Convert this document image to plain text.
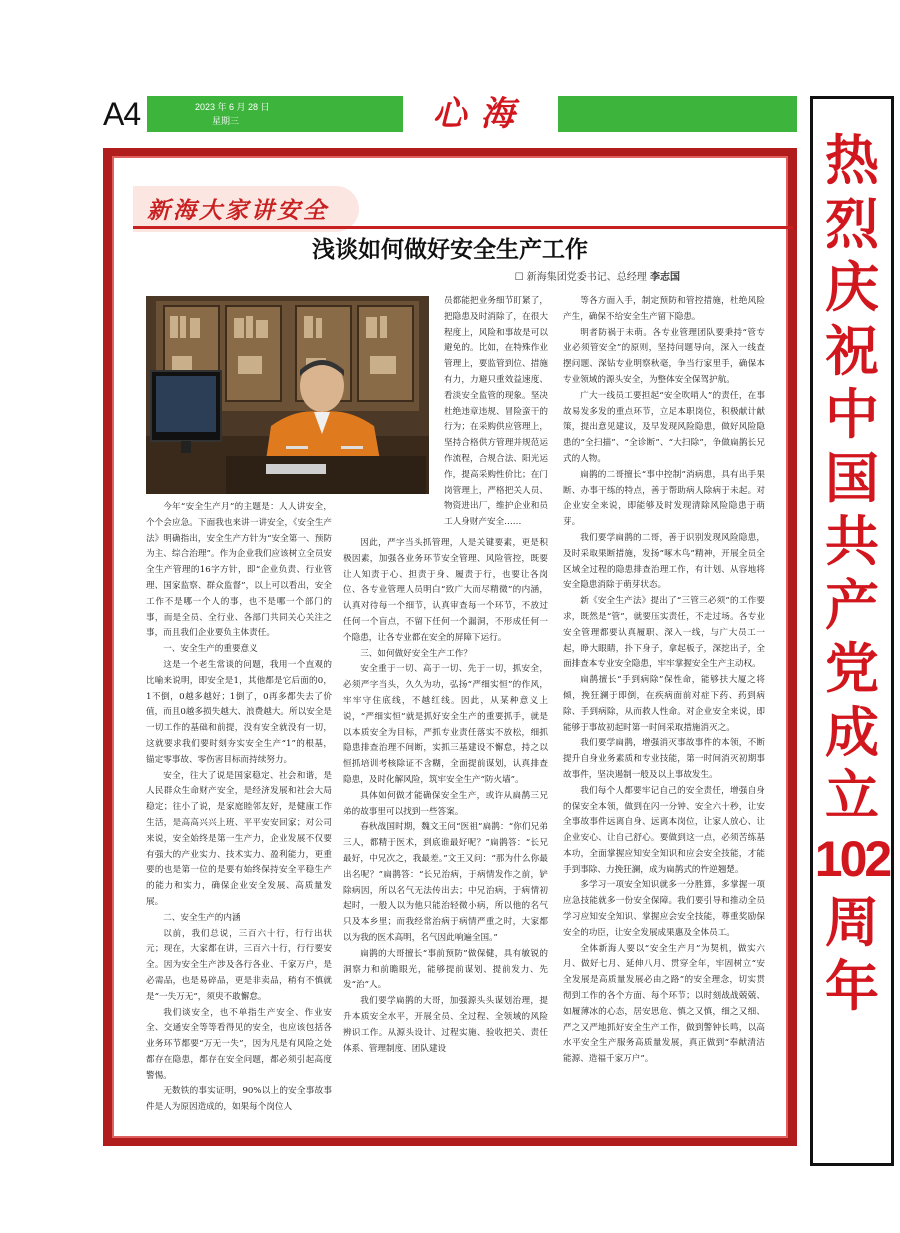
A4	2023 年 6 月 28 日
星期三	心海
热
烈
庆
祝
中
国
共
产
党
成
立
102
周
年
新海大家讲安全
浅谈如何做好安全生产工作
☐ 新海集团党委书记、总经理 李志国

员都能把业务细节盯紧了，把隐患及时消除了，在很大程度上，风险和事故是可以避免的。比如，在特殊作业管理上，要监管到位、措施有力，力避只重效益速度、看淡安全监管的现象。坚决杜绝违章违规、冒险蛮干的行为；在采购供应管理上，坚持合格供方管理并规范运作流程，合规合法、阳光运作，提高采购性价比；在门岗管理上，严格把关人员、物资进出厂，维护企业和员工人身财产安全……

今年“安全生产月”的主题是：人人讲安全，个个会应急。下面我也来讲一讲安全，《安全生产法》明确指出，安全生产方针为“安全第一、预防为主、综合治理”。作为企业我们应该树立全员安全生产管理的16字方针，即“企业负责、行业管理、国家监察、群众监督”，以上可以看出，安全工作不是哪一个人的事，也不是哪一个部门的事，而是全员、全行业、各部门共同关心关注之事，而且我们企业要负主体责任。

一、安全生产的重要意义

这是一个老生常谈的问题，我用一个直观的比喻来说明，即安全是1，其他都是它后面的0，1不倒，0越多越好；1倒了，0再多都失去了价值，而且0越多损失越大、浪费越大。所以安全是一切工作的基础和前提，没有安全就没有一切，这就要求我们要时刻夯实安全生产“1”的根基，锚定零事故、零伤害目标而持续努力。

安全，往大了说是国家稳定、社会和谐，是人民群众生命财产安全，是经济发展和社会大局稳定；往小了说，是家庭睦邻友好，是健康工作生活，是高高兴兴上班、平平安安回家；对公司来说，安全始终是第一生产力，企业发展不仅要有强大的产业实力、技术实力、盈利能力，更重要的也是第一位的是要有始终保持安全平稳生产的能力和实力，确保企业安全发展、高质量发展。

二、安全生产的内涵

以前，我们总说，三百六十行，行行出状元；现在，大家都在讲，三百六十行，行行要安全。因为安全生产涉及各行各业、千家万户，是必需品，也是易碎品，更是非卖品，稍有不慎就是“一失万无”，须臾不敢懈怠。

我们谈安全，也不单指生产安全、作业安全、交通安全等等看得见的安全，也应该包括各业务环节都要“万无一失”，因为凡是有风险之处都存在隐患，都存在安全问题，都必须引起高度警惕。

无数铁的事实证明，90%以上的安全事故事件是人为原因造成的，如果每个岗位人

因此，严字当头抓管理，人是关键要素，更是积极因素，加强各业务环节安全管理、风险管控，既要让人知责于心、担责于身、履责于行，也要让各岗位、各专业管理人员明白“致广大而尽精微”的内涵，认真对待每一个细节，认真审查每一个环节，不放过任何一个盲点，不留下任何一个漏洞，不形成任何一个隐患，让各专业都在安全的屏障下运行。

三、如何做好安全生产工作？

安全重于一切、高于一切、先于一切，抓安全，必须严字当头，久久为功，弘扬“严细实恒”的作风，牢牢守住底线，不越红线。因此，从某种意义上说，“严细实恒”就是抓好安全生产的重要抓手，就是以本质安全为目标，严抓专业责任落实不放松，细抓隐患排查治理不间断，实抓三基建设不懈怠，持之以恒抓培训考核除证不含糊，全面提前谋划，认真排查隐患，及时化解风险，筑牢安全生产“防火墙”。

具体如何做才能确保安全生产，或许从扁鹊三兄弟的故事里可以找到一些答案。

春秋战国时期，魏文王问“医祖”扁鹊：“你们兄弟三人，都精于医术，到底谁最好呢？”扁鹊答：“长兄最好，中兄次之，我最差。”文王又问：“那为什么你最出名呢？”扁鹊答：“长兄治病，于病情发作之前，铲除病因，所以名气无法传出去；中兄治病，于病情初起时，一般人以为他只能治轻微小病，所以他的名气只及本乡里；而我经常治病于病情严重之时，大家都以为我的医术高明，名气因此响遍全国。”

扁鹊的大哥擅长“事前预防”做保健，具有敏锐的洞察力和前瞻眼光，能够提前谋划、提前发力、先发“治”人。

我们要学扁鹊的大哥，加强源头头谋划治理，提升本质安全水平，开展全员、全过程、全领域的风险辨识工作。从源头设计、过程实施、验收把关、责任体系、管理制度、团队建设

等各方面入手，制定预防和管控措施，杜绝风险产生，确保不给安全生产留下隐患。

明者防祸于未萌。各专业管理团队要秉持“管专业必须管安全”的原则，坚持问题导向，深入一线查摆问题、深钻专业明察秋毫，争当行家里手，确保本专业领域的源头安全，为整体安全保驾护航。

广大一线员工要担起“安全吹哨人”的责任，在事故易发多发的重点环节，立足本职岗位，积极献计献策，提出意见建议，及早发现风险隐患，做好风险隐患的“全扫描”、“全诊断”、“大扫除”，争做扁鹊长兄式的人物。

扁鹊的二哥擅长“事中控制”消病患，具有出手果断、办事干练的特点，善于帮助病人除病于未起。对企业安全来说，即能够及时发现清除风险隐患于萌芽。

我们要学扁鹊的二哥，善于识别发现风险隐患，及时采取果断措施，发扬“啄木鸟”精神，开展全员全区域全过程的隐患排查治理工作，有计划、从容地将安全隐患消除于萌芽状态。

新《安全生产法》提出了“三管三必须”的工作要求，既然是“管”，就要压实责任，不走过场。各专业安全管理都要认真履职、深入一线，与广大员工一起，睁大眼睛，扑下身子，拿起板子，深挖出子，全面排查本专业安全隐患，牢牢掌握安全生产主动权。

扁鹊擅长“手到病除”保性命，能够扶大厦之将倾，挽狂澜于即倒，在疾病面前对症下药、药到病除、手到病除，从而救人性命。对企业安全来说，即能够于事故初起时第一时间采取措施消灭之。

我们要学扁鹊，增强消灭事故事件的本领，不断提升自身业务素质和专业技能，第一时间消灭初期事故事件，坚决遏制一般及以上事故发生。

我们每个人都要牢记自己的安全责任，增强自身的保安全本领，做到在闪一分钟、安全六十秒，让安全事故事件远离自身、远离本岗位，让家人放心、让企业安心、让自己舒心。要做到这一点，必须苦练基本功，全面掌握应知安全知识和应会安全技能，才能手到事除、力挽狂澜，成为扁鹊式的忤逆翘楚。

多学习一项安全知识就多一分胜算，多掌握一项应急技能就多一份安全保障。我们要引导和推动全员学习应知安全知识、掌握应会安全技能，尊重奖励保安全的功臣，让安全发展成果惠及全体员工。

全体新海人要以“安全生产月”为契机，做实六月、做好七月、延伸八月、贯穿全年，牢固树立“安全发展是高质量发展必由之路”的安全理念，切实贯彻到工作的各个方面、每个环节；以时刻战战兢兢、如履薄冰的心态，居安思危、慎之又慎，细之又细、严之又严地抓好安全生产工作，做到警钟长鸣，以高水平安全生产服务高质量发展，真正做到“奉献清洁能源、造福千家万户”。
